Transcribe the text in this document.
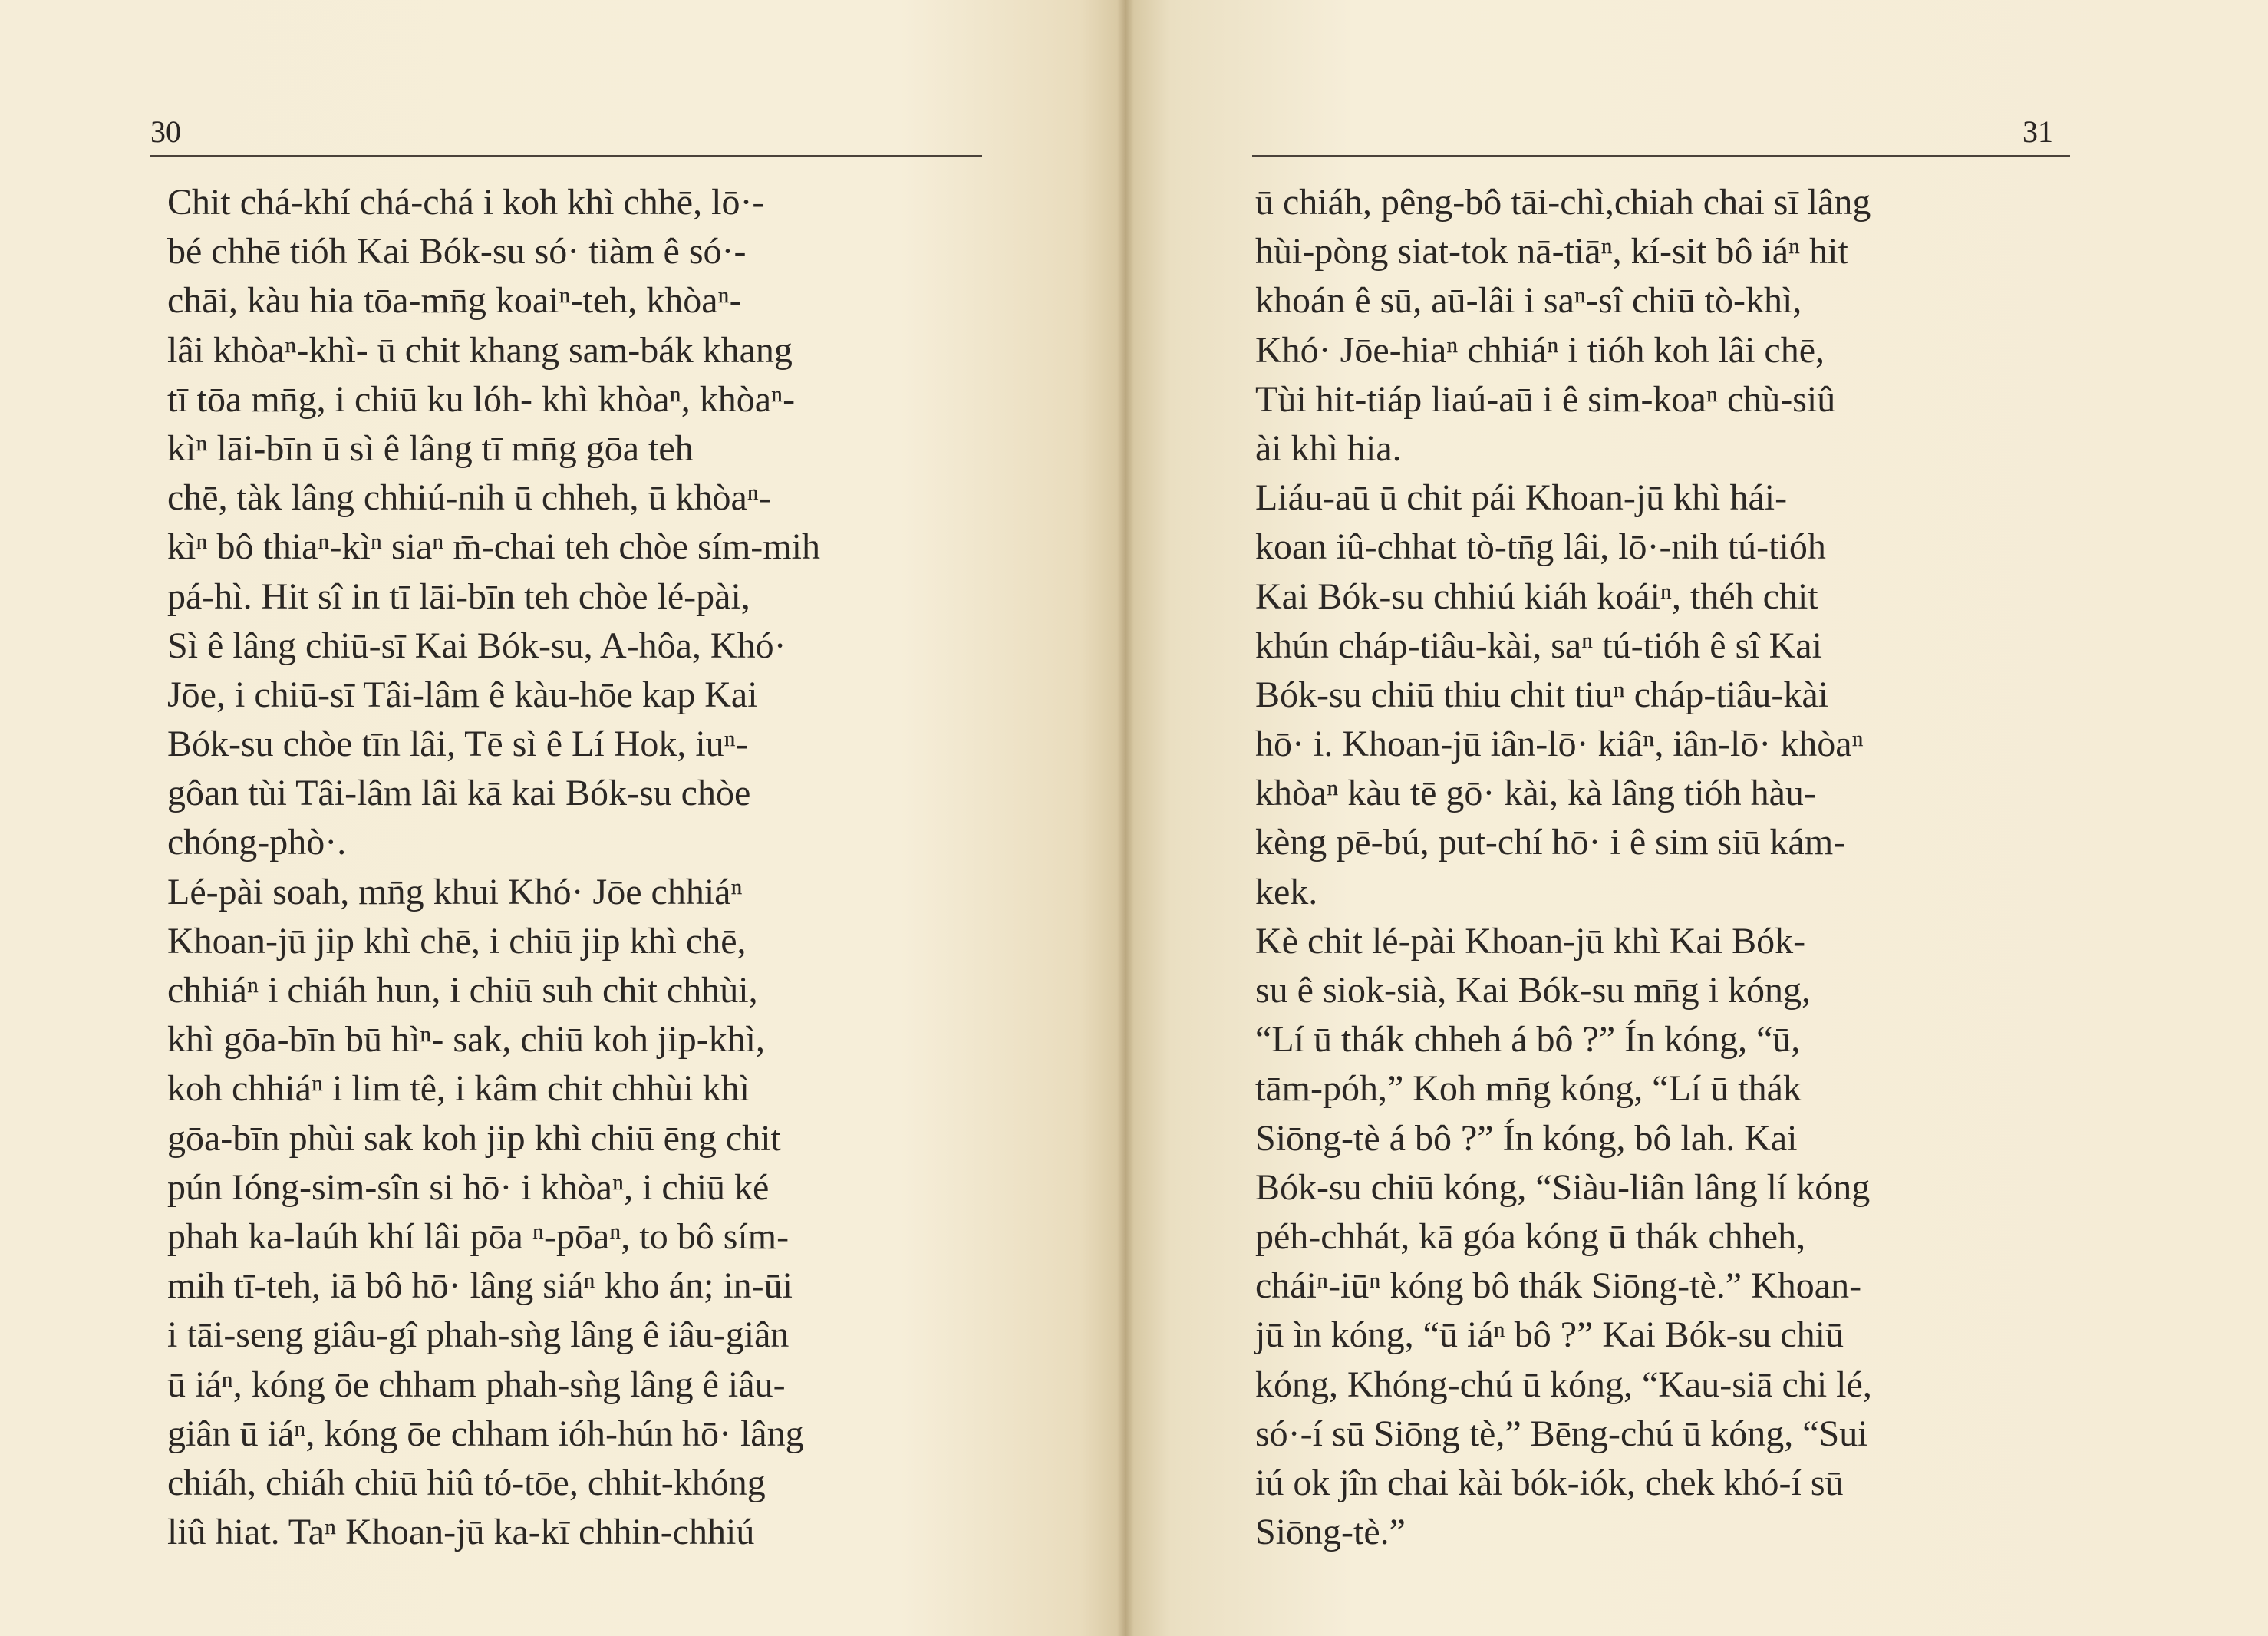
30
Chit chá-khí chá-chá i koh khì chhē, lō·-
bé chhē tióh Kai Bók-su só· tiàm ê só·-
chāi, kàu hia tōa-mn̄g koaiⁿ-teh, khòaⁿ-
lâi khòaⁿ-khì- ū chit khang sam-bák khang
tī tōa mn̄g, i chiū ku lóh- khì khòaⁿ, khòaⁿ-
kìⁿ lāi-bīn ū sì ê lâng tī mn̄g gōa teh
chē, tàk lâng chhiú-nih ū chheh, ū khòaⁿ-
kìⁿ bô thiaⁿ-kìⁿ siaⁿ m̄-chai teh chòe sím-mih
pá-hì. Hit sî in tī lāi-bīn teh chòe lé-pài,
Sì ê lâng chiū-sī Kai Bók-su, A-hôa, Khó·
Jōe, i chiū-sī Tâi-lâm ê kàu-hōe kap Kai
Bók-su chòe tīn lâi, Tē sì ê Lí Hok, iuⁿ-
gôan tùi Tâi-lâm lâi kā kai Bók-su chòe
chóng-phò·.
Lé-pài soah, mn̄g khui Khó· Jōe chhiáⁿ
Khoan-jū jip khì chē, i chiū jip khì chē,
chhiáⁿ i chiáh hun, i chiū suh chit chhùi,
khì gōa-bīn bū hìⁿ- sak, chiū koh jip-khì,
koh chhiáⁿ i lim tê, i kâm chit chhùi khì
gōa-bīn phùi sak koh jip khì chiū ēng chit
pún Ióng-sim-sîn si hō· i khòaⁿ, i chiū ké
phah ka-laúh khí lâi pōa ⁿ-pōaⁿ, to bô sím-
mih tī-teh, iā bô hō· lâng siáⁿ kho án; in-ūi
i tāi-seng giâu-gî phah-sǹg lâng ê iâu-giân
ū iáⁿ, kóng ōe chham phah-sǹg lâng ê iâu-
giân ū iáⁿ, kóng ōe chham ióh-hún hō· lâng
chiáh, chiáh chiū hiû tó-tōe, chhit-khóng
liû hiat. Taⁿ Khoan-jū ka-kī chhin-chhiú
31
ū chiáh, pêng-bô tāi-chì,chiah chai sī lâng
hùi-pòng siat-tok nā-tiāⁿ, kí-sit bô iáⁿ hit
khoán ê sū, aū-lâi i saⁿ-sî chiū tò-khì,
Khó· Jōe-hiaⁿ chhiáⁿ i tióh koh lâi chē,
Tùi hit-tiáp liaú-aū i ê sim-koaⁿ chù-siû
ài khì hia.
Liáu-aū ū chit pái Khoan-jū khì hái-
koan iû-chhat tò-tn̄g lâi, lō·-nih tú-tióh
Kai Bók-su chhiú kiáh koáiⁿ, théh chit
khún cháp-tiâu-kài, saⁿ tú-tióh ê sî Kai
Bók-su chiū thiu chit tiuⁿ cháp-tiâu-kài
hō· i. Khoan-jū iân-lō· kiâⁿ, iân-lō· khòaⁿ
khòaⁿ kàu tē gō· kài, kà lâng tióh hàu-
kèng pē-bú, put-chí hō· i ê sim siū kám-
kek.
Kè chit lé-pài Khoan-jū khì Kai Bók-
su ê siok-sià, Kai Bók-su mn̄g i kóng,
“Lí ū thák chheh á bô ?” Ín kóng, “ū,
tām-póh,” Koh mn̄g kóng, “Lí ū thák
Siōng-tè á bô ?” Ín kóng, bô lah. Kai
Bók-su chiū kóng, “Siàu-liân lâng lí kóng
péh-chhát, kā góa kóng ū thák chheh,
cháiⁿ-iūⁿ kóng bô thák Siōng-tè.” Khoan-
jū ìn kóng, “ū iáⁿ bô ?” Kai Bók-su chiū
kóng, Khóng-chú ū kóng, “Kau-siā chi lé,
só·-í sū Siōng tè,” Bēng-chú ū kóng, “Sui
iú ok jîn chai kài bók-iók, chek khó-í sū
Siōng-tè.”
